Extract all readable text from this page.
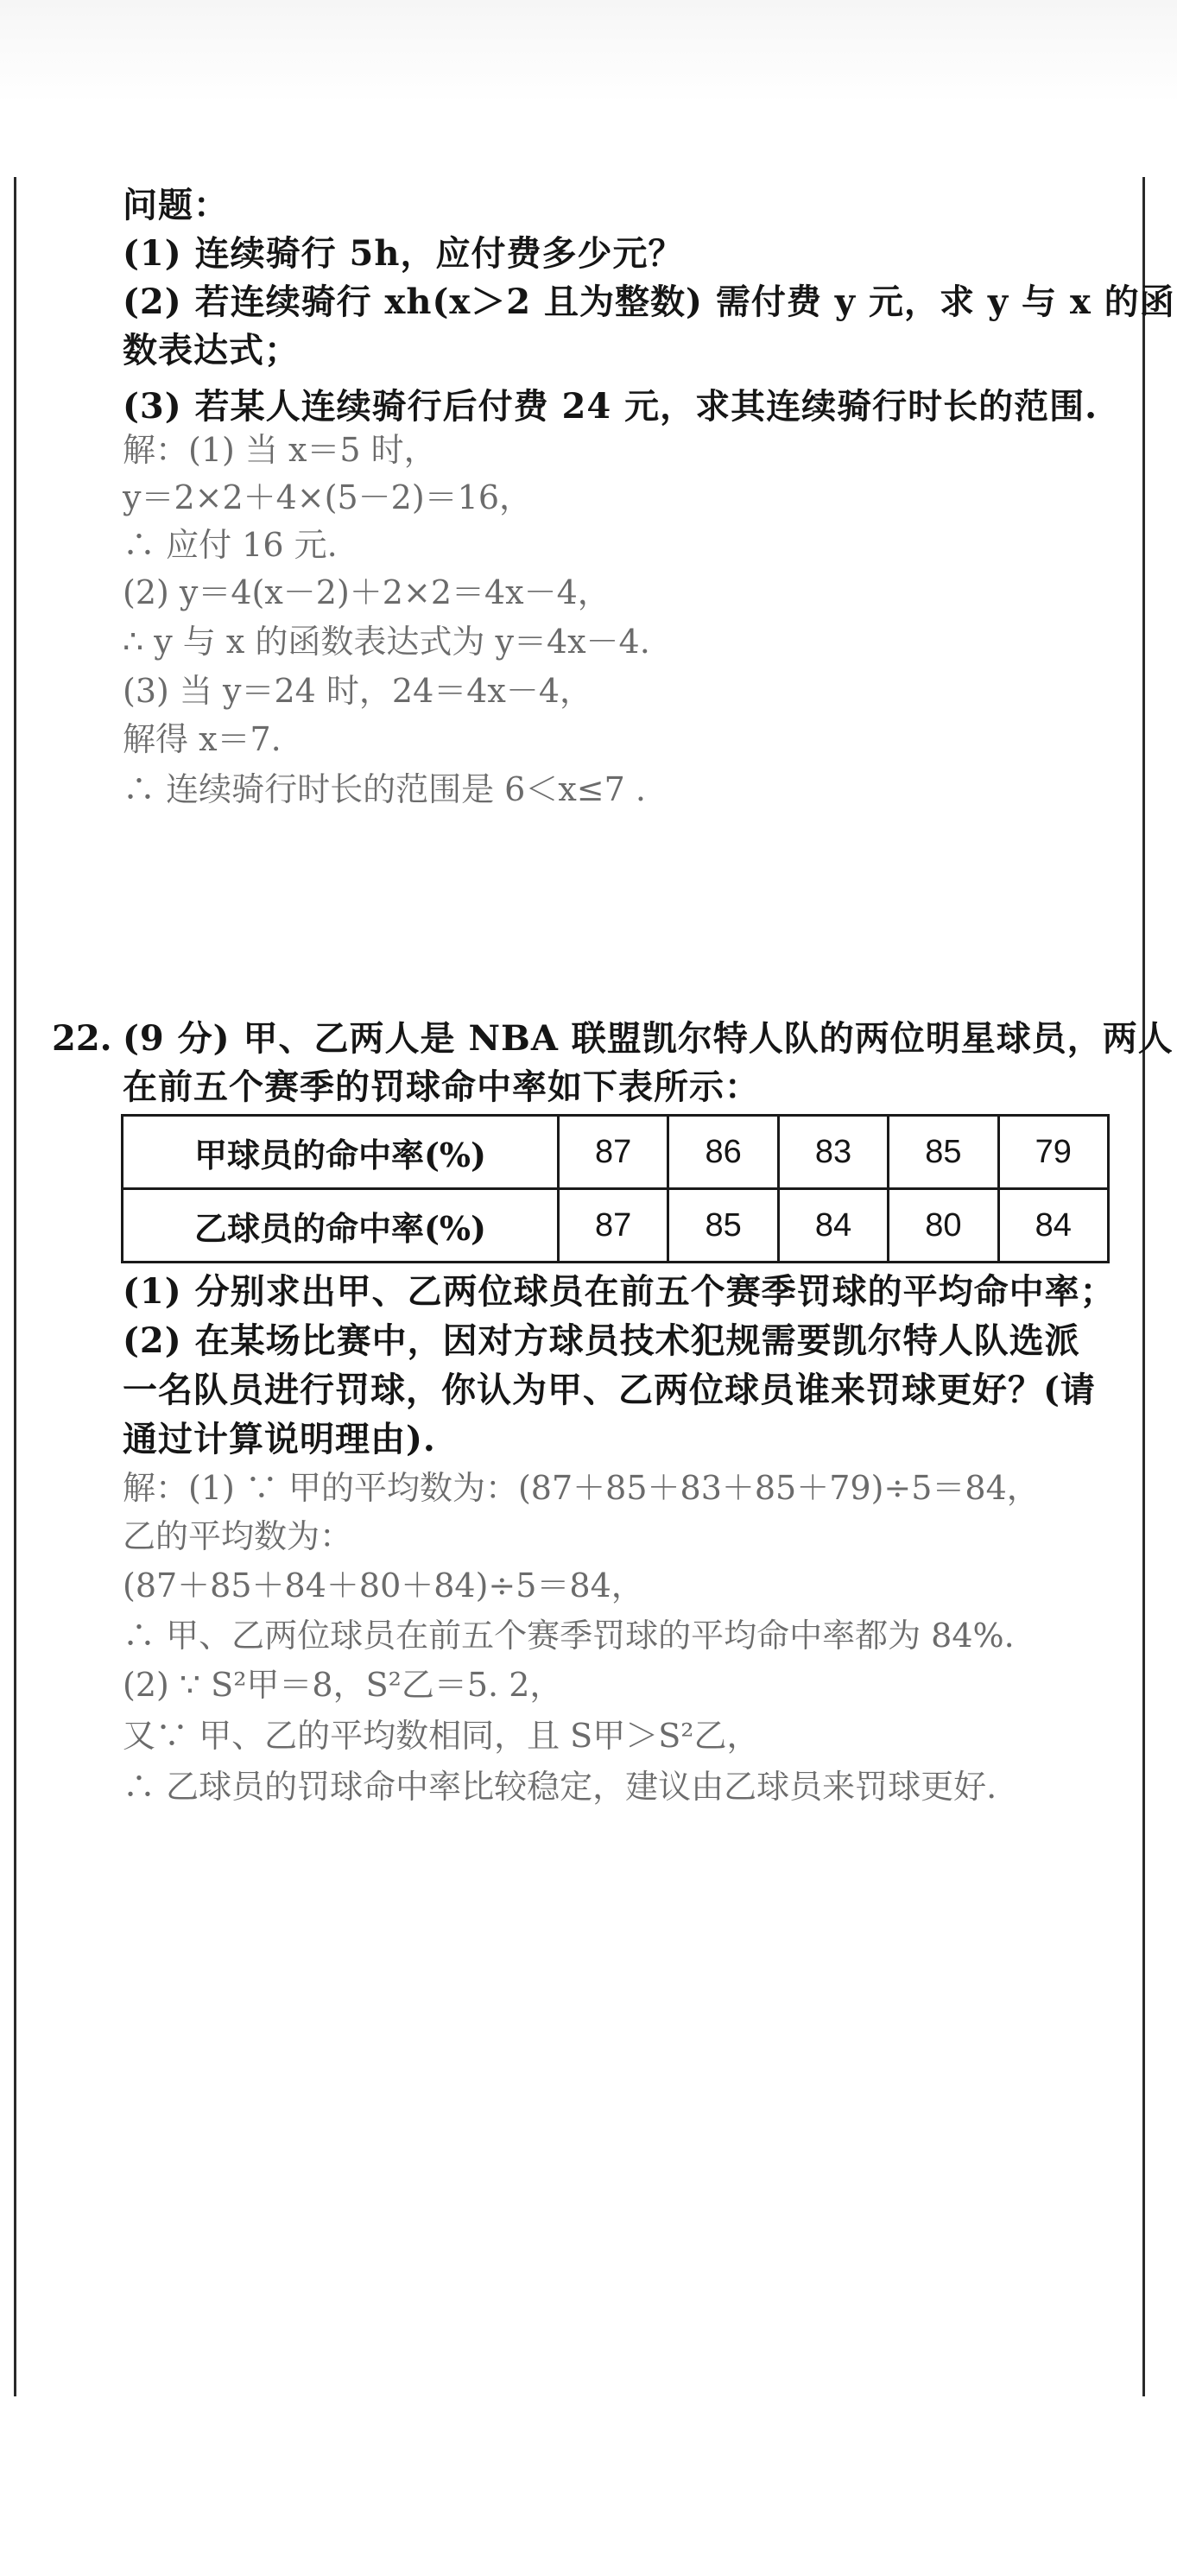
问题：
(1) 连续骑行 5h，应付费多少元？
(2) 若连续骑行 xh(x＞2 且为整数) 需付费 y 元，求 y 与 x 的函
数表达式；
(3) 若某人连续骑行后付费 24 元，求其连续骑行时长的范围.
解：(1) 当 x＝5 时，
y＝2×2＋4×(5－2)＝16，
∴ 应付 16 元.
(2) y＝4(x－2)＋2×2＝4x－4，
∴ y 与 x 的函数表达式为 y＝4x－4.
(3) 当 y＝24 时，24＝4x－4，
解得 x＝7.
∴ 连续骑行时长的范围是 6＜x≤7 .
22. (9 分) 甲、乙两人是 NBA 联盟凯尔特人队的两位明星球员，两人
在前五个赛季的罚球命中率如下表所示：
甲球员的命中率(%)	87	86	83	85	79
乙球员的命中率(%)	87	85	84	80	84
(1) 分别求出甲、乙两位球员在前五个赛季罚球的平均命中率；
(2) 在某场比赛中，因对方球员技术犯规需要凯尔特人队选派
一名队员进行罚球，你认为甲、乙两位球员谁来罚球更好？(请
通过计算说明理由).
解：(1) ∵ 甲的平均数为：(87＋85＋83＋85＋79)÷5＝84，
乙的平均数为：
(87＋85＋84＋80＋84)÷5＝84，
∴ 甲、乙两位球员在前五个赛季罚球的平均命中率都为 84%.
(2) ∵ S²甲＝8，S²乙＝5. 2，
又∵ 甲、乙的平均数相同，且 S甲＞S²乙，
∴ 乙球员的罚球命中率比较稳定，建议由乙球员来罚球更好.
